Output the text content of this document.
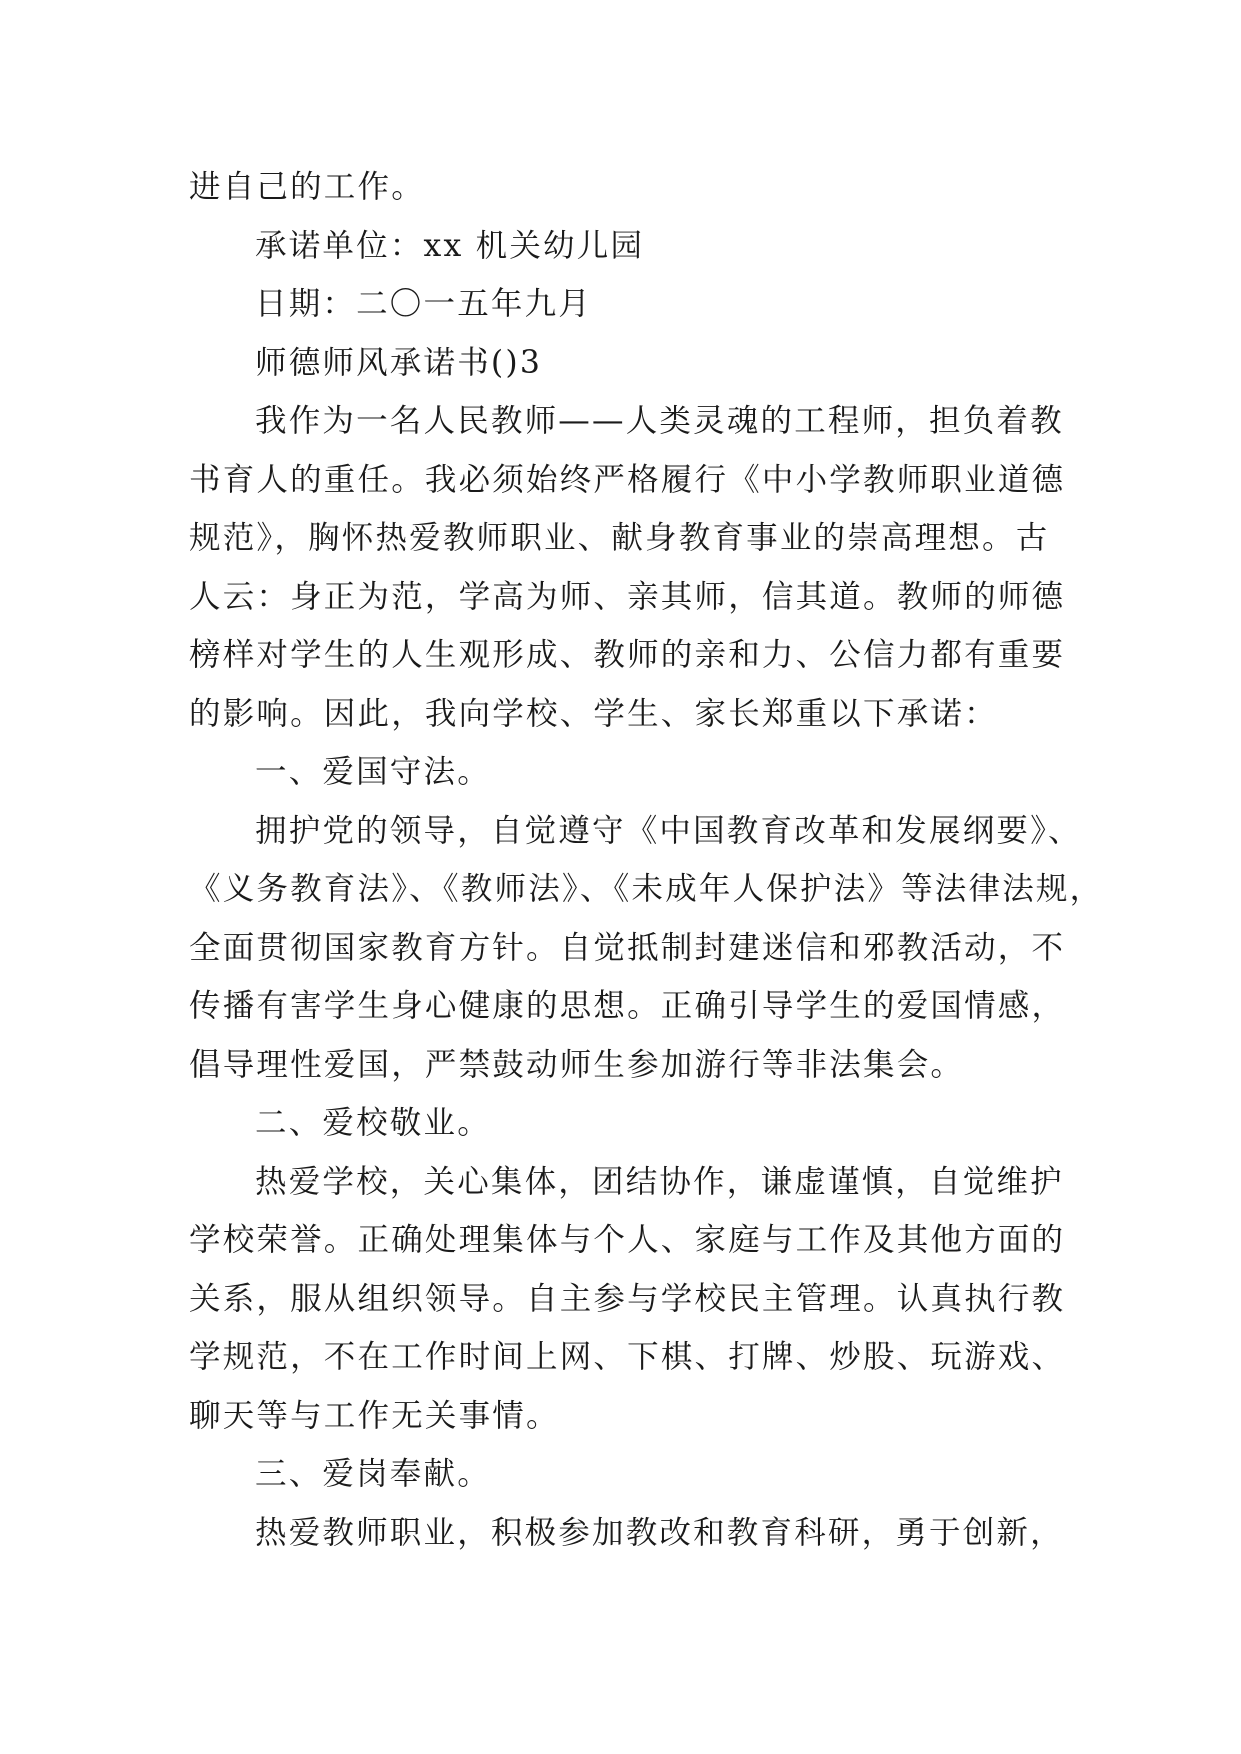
进自己的工作。
承诺单位：xx 机关幼儿园
日期：二〇一五年九月
师德师风承诺书()3
我作为一名人民教师——人类灵魂的工程师，担负着教
书育人的重任。我必须始终严格履行《中小学教师职业道德
规范》，胸怀热爱教师职业、献身教育事业的崇高理想。古
人云：身正为范，学高为师、亲其师，信其道。教师的师德
榜样对学生的人生观形成、教师的亲和力、公信力都有重要
的影响。因此，我向学校、学生、家长郑重以下承诺：
一、爱国守法。
拥护党的领导，自觉遵守《中国教育改革和发展纲要》、
《义务教育法》、《教师法》、《未成年人保护法》等法律法规，
全面贯彻国家教育方针。自觉抵制封建迷信和邪教活动，不
传播有害学生身心健康的思想。正确引导学生的爱国情感，
倡导理性爱国，严禁鼓动师生参加游行等非法集会。
二、爱校敬业。
热爱学校，关心集体，团结协作，谦虚谨慎，自觉维护
学校荣誉。正确处理集体与个人、家庭与工作及其他方面的
关系，服从组织领导。自主参与学校民主管理。认真执行教
学规范，不在工作时间上网、下棋、打牌、炒股、玩游戏、
聊天等与工作无关事情。
三、爱岗奉献。
热爱教师职业，积极参加教改和教育科研，勇于创新，
